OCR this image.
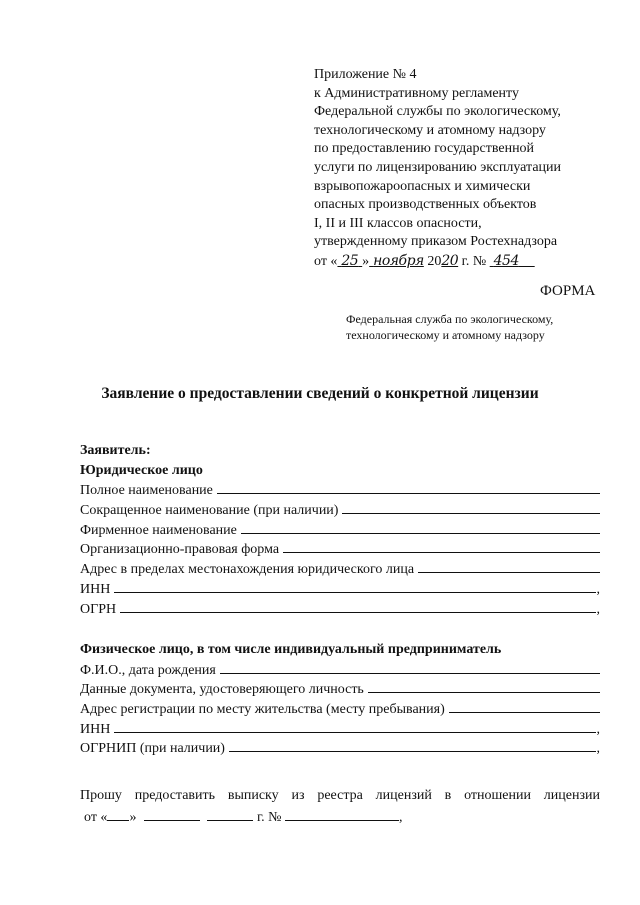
Приложение № 4
к Административному регламенту
Федеральной службы по экологическому,
технологическому и атомному надзору
по предоставлению государственной
услуги по лицензированию эксплуатации
взрывопожароопасных и химически
опасных производственных объектов
I, II и III классов опасности,
утвержденному приказом Ростехнадзора
от « 25 » ноября 2020 г. № 454
ФОРМА
Федеральная служба по экологическому,
технологическому и атомному надзору
Заявление о предоставлении сведений о конкретной лицензии
Заявитель:
Юридическое лицо
Полное наименование
Сокращенное наименование (при наличии)
Фирменное наименование
Организационно-правовая форма
Адрес в пределах местонахождения юридического лица
ИНН	,
ОГРН	,
Физическое лицо, в том числе индивидуальный предприниматель
Ф.И.О., дата рождения
Данные документа, удостоверяющего личность
Адрес регистрации по месту жительства (месту пребывания)
ИНН	,
ОГРНИП (при наличии)	,
Прошу предоставить выписку из реестра лицензий в отношении лицензии
от « »	г. №	,
